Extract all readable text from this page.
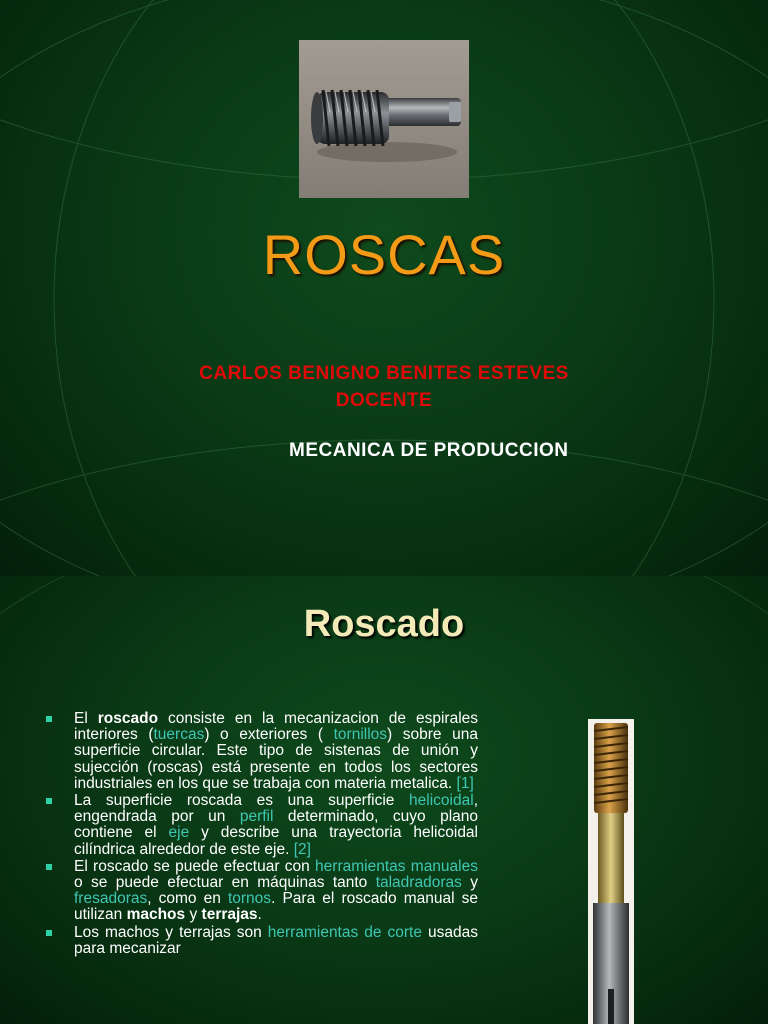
ROSCAS
CARLOS BENIGNO BENITES ESTEVES
DOCENTE
MECANICA DE PRODUCCION
Roscado
El roscado consiste en la mecanizacion de espirales interiores (tuercas) o exteriores ( tornillos) sobre una superficie circular. Este tipo de sistenas de unión y sujección (roscas) está presente en todos los sectores industriales en los que se trabaja con materia metalica. [1]
La superficie roscada es una superficie helicoidal, engendrada por un perfil determinado, cuyo plano contiene el eje y describe una trayectoria helicoidal cilíndrica alrededor de este eje. [2]
El roscado se puede efectuar con herramientas manuales o se puede efectuar en máquinas tanto taladradoras y fresadoras, como en tornos. Para el roscado manual se utilizan machos y terrajas.
Los machos y terrajas son herramientas de corte usadas para mecanizar
